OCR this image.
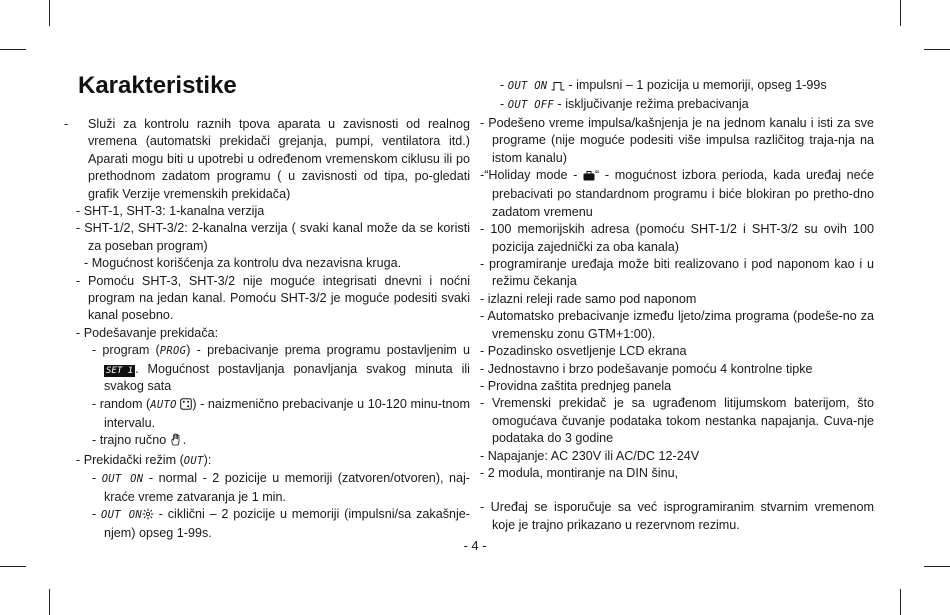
Karakteristike

- Služi za kontrolu raznih tpova aparata u zavisnosti od realnog vremena (automatski prekidači grejanja, pumpi, ventilatora itd.) Aparati mogu biti u upotrebi u određenom vremenskom ciklusu ili po prethodnom zadatom programu ( u zavisnosti od tipa, po-gledati grafik Verzije vremenskih prekidača)

- SHT-1, SHT-3: 1-kanalna verzija

- SHT-1/2, SHT-3/2: 2-kanalna verzija ( svaki kanal može da se koristi za poseban program)

- Mogućnost korišćenja za kontrolu dva nezavisna kruga.

- Pomoću SHT-3, SHT-3/2 nije moguće integrisati dnevni i noćni program na jedan kanal. Pomoću SHT-3/2 je moguće podesiti svaki kanal posebno.

- Podešavanje prekidača:

- program (PROG) - prebacivanje prema programu postavljenim u SET 1 . Mogućnost postavljanja ponavljanja svakog minuta ili svakog sata

- random (AUTO ) - naizmenično prebacivanje u 10-120 minu-tnom intervalu.

- trajno ručno .

- Prekidački režim (OUT):

- OUT ON - normal - 2 pozicije u memoriji (zatvoren/otvoren), naj-kraće vreme zatvaranja je 1 min.

- OUT ON - ciklični – 2 pozicije u memoriji (impulsni/sa zakašnje-njem) opseg 1-99s.

- OUT ON  - impulsni – 1 pozicija u memoriji, opseg 1-99s

- OUT OFF - isključivanje režima prebacivanja

- Podešeno vreme impulsa/kašnjenja je na jednom kanalu i isti za sve programe (nije moguće podesiti više impulsa različitog traja-nja na istom kanalu)

-“Holiday mode - “ - mogućnost izbora perioda, kada uređaj neće prebacivati po standardnom programu i biće blokiran po pretho-dno zadatom vremenu

- 100 memorijskih adresa (pomoću SHT-1/2 i SHT-3/2 su ovih 100 pozicija zajednički za oba kanala)

- programiranje uređaja može biti realizovano i pod naponom kao i u režimu čekanja

- izlazni releji rade samo pod naponom

- Automatsko prebacivanje između ljeto/zima programa (podeše-no za vremensku zonu GTM+1:00).

- Pozadinsko osvetljenje LCD ekrana

- Jednostavno i brzo podešavanje pomoću 4 kontrolne tipke

- Providna zaštita prednjeg panela

- Vremenski prekidač je sa ugrađenom litijumskom baterijom, što omogućava čuvanje podataka tokom nestanka napajanja. Cuva-nje podataka do 3 godine

- Napajanje: AC 230V ili AC/DC 12-24V

- 2 modula, montiranje na DIN šinu,

- Uređaj se isporučuje sa već isprogramiranim stvarnim vremenom koje je trajno prikazano u rezervnom rezimu.

- 4 -
